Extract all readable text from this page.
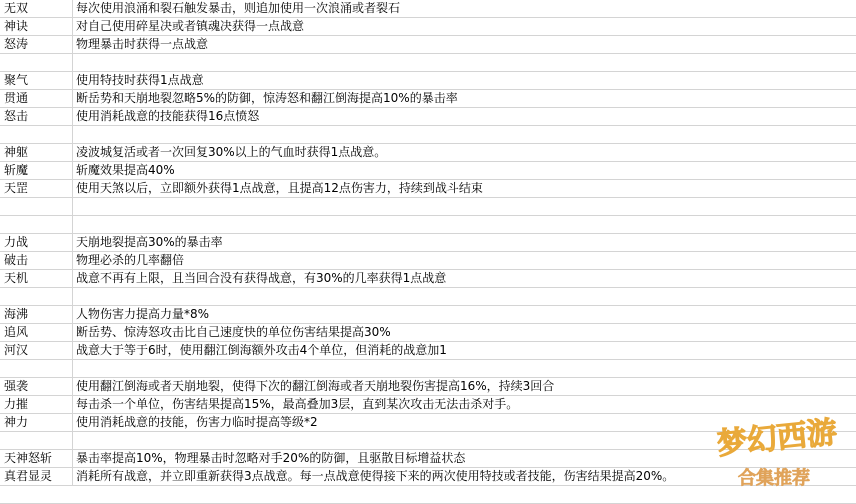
无双	每次使用浪涌和裂石触发暴击，则追加使用一次浪涌或者裂石
神诀	对自己使用碎星决或者镇魂决获得一点战意
怒涛	物理暴击时获得一点战意
聚气	使用特技时获得1点战意
贯通	断岳势和天崩地裂忽略5%的防御，惊涛怒和翻江倒海提高10%的暴击率
怒击	使用消耗战意的技能获得16点愤怒
神躯	凌波城复活或者一次回复30%以上的气血时获得1点战意。
斩魔	斩魔效果提高40%
天罡	使用天煞以后，立即额外获得1点战意，且提高12点伤害力，持续到战斗结束
力战	天崩地裂提高30%的暴击率
破击	物理必杀的几率翻倍
天机	战意不再有上限，且当回合没有获得战意，有30%的几率获得1点战意
海沸	人物伤害力提高力量*8%
追风	断岳势、惊涛怒攻击比自己速度快的单位伤害结果提高30%
河汉	战意大于等于6时，使用翻江倒海额外攻击4个单位，但消耗的战意加1
强袭	使用翻江倒海或者天崩地裂，使得下次的翻江倒海或者天崩地裂伤害提高16%，持续3回合
力摧	每击杀一个单位，伤害结果提高15%，最高叠加3层，直到某次攻击无法击杀对手。
神力	使用消耗战意的技能，伤害力临时提高等级*2
天神怒斩	暴击率提高10%，物理暴击时忽略对手20%的防御，且驱散目标增益状态
真君显灵	消耗所有战意，并立即重新获得3点战意。每一点战意使得接下来的两次使用特技或者技能，伤害结果提高20%。
梦幻西游
合集推荐
